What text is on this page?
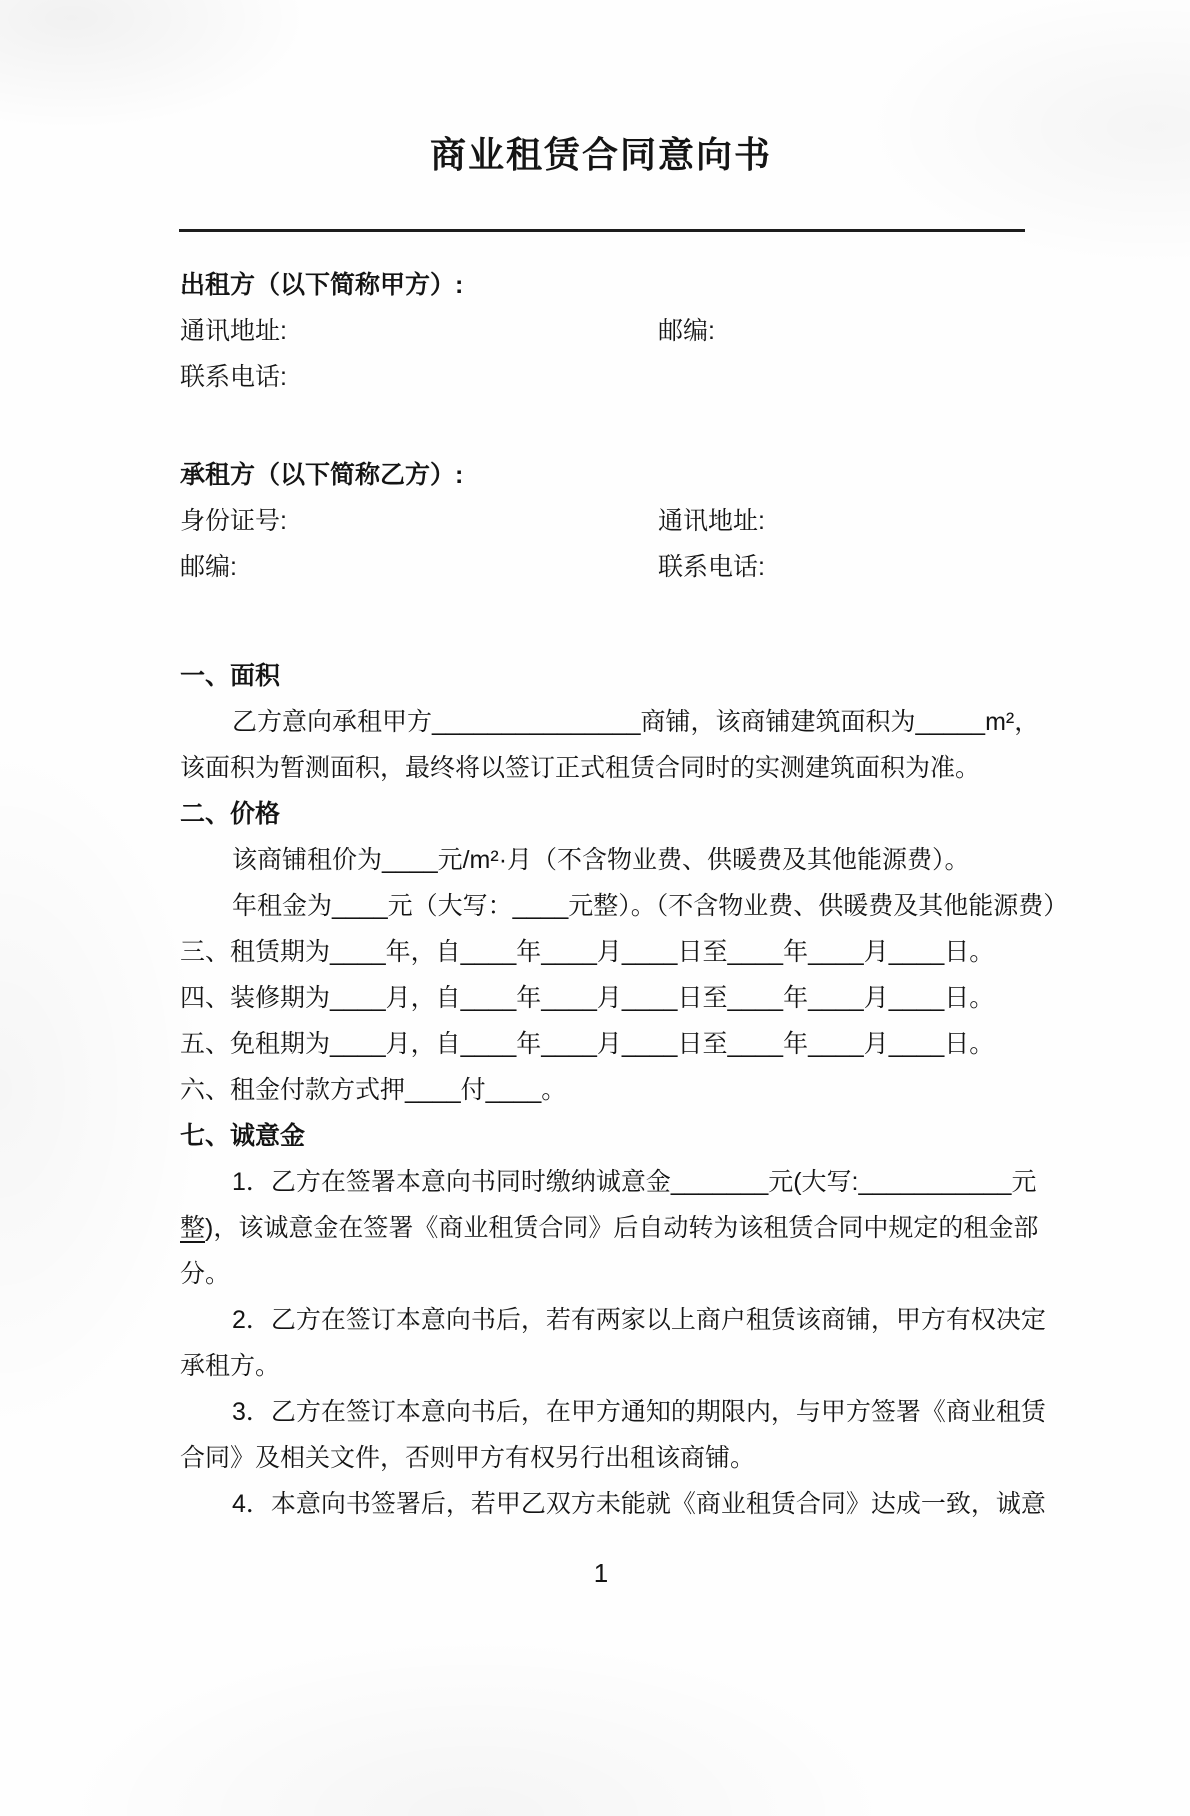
商业租赁合同意向书
出租方（以下简称甲方）:
通讯地址:	邮编:
联系电话:
承租方（以下简称乙方）:
身份证号:	通讯地址:
邮编:	联系电话:
一、面积
乙方意向承租甲方_______________商铺，该商铺建筑面积为_____m²，
该面积为暂测面积，最终将以签订正式租赁合同时的实测建筑面积为准。
二、价格
该商铺租价为____元/m²·月（不含物业费、供暖费及其他能源费）。
年租金为____元（大写：____元整）。（不含物业费、供暖费及其他能源费）
三、租赁期为____年，自____年____月____日至____年____月____日。
四、装修期为____月，自____年____月____日至____年____月____日。
五、免租期为____月，自____年____月____日至____年____月____日。
六、租金付款方式押____付____。
七、诚意金
1．乙方在签署本意向书同时缴纳诚意金_______元(大写:___________元
整)，该诚意金在签署《商业租赁合同》后自动转为该租赁合同中规定的租金部
分。
2．乙方在签订本意向书后，若有两家以上商户租赁该商铺，甲方有权决定
承租方。
3．乙方在签订本意向书后，在甲方通知的期限内，与甲方签署《商业租赁
合同》及相关文件，否则甲方有权另行出租该商铺。
4．本意向书签署后，若甲乙双方未能就《商业租赁合同》达成一致，诚意
1
